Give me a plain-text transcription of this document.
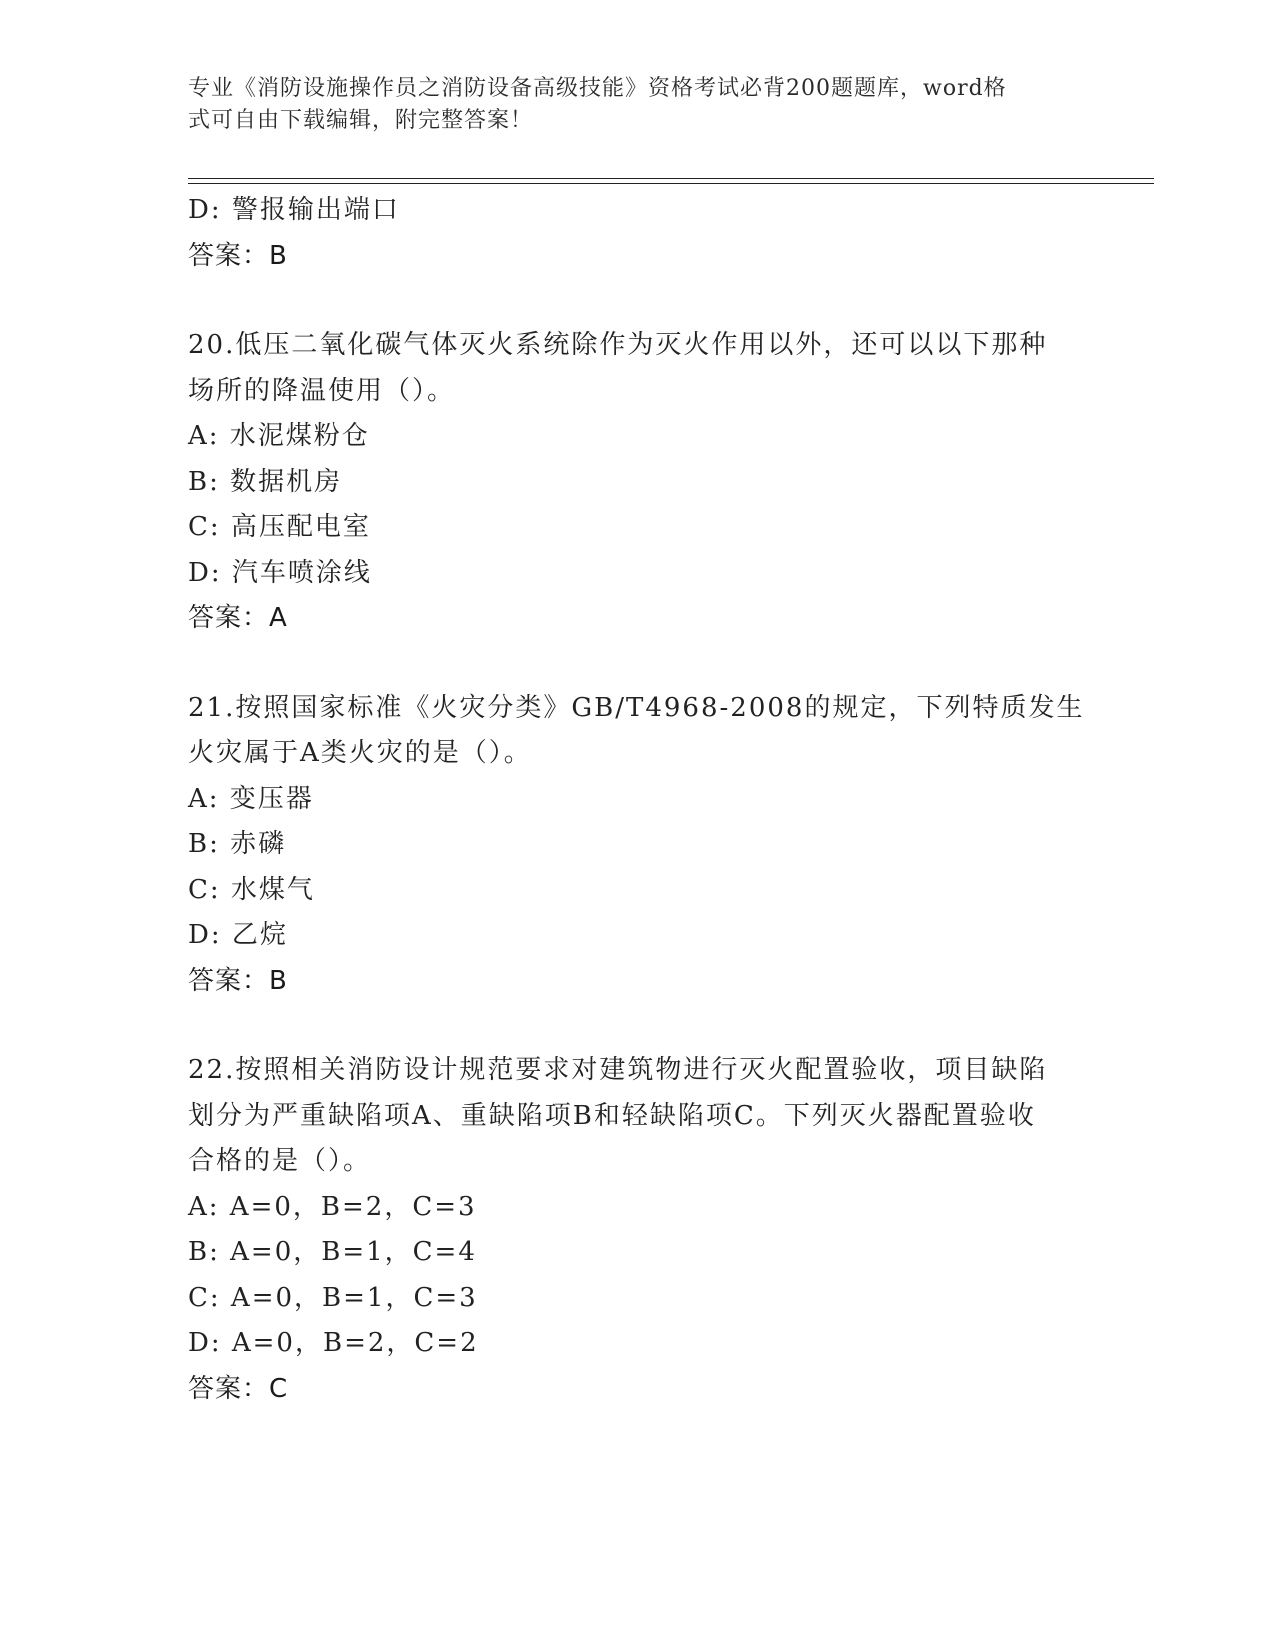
专业《消防设施操作员之消防设备高级技能》资格考试必背200题题库，word格
式可自由下载编辑，附完整答案！
D: 警报输出端口
答案：B
20.低压二氧化碳气体灭火系统除作为灭火作用以外，还可以以下那种
场所的降温使用（）。
A: 水泥煤粉仓
B: 数据机房
C: 高压配电室
D: 汽车喷涂线
答案：A
21.按照国家标准《火灾分类》GB/T4968-2008的规定，下列特质发生
火灾属于A类火灾的是（）。
A: 变压器
B: 赤磷
C: 水煤气
D: 乙烷
答案：B
22.按照相关消防设计规范要求对建筑物进行灭火配置验收，项目缺陷
划分为严重缺陷项A、重缺陷项B和轻缺陷项C。下列灭火器配置验收
合格的是（）。
A: A=0，B=2，C=3
B: A=0，B=1，C=4
C: A=0，B=1，C=3
D: A=0，B=2，C=2
答案：C
